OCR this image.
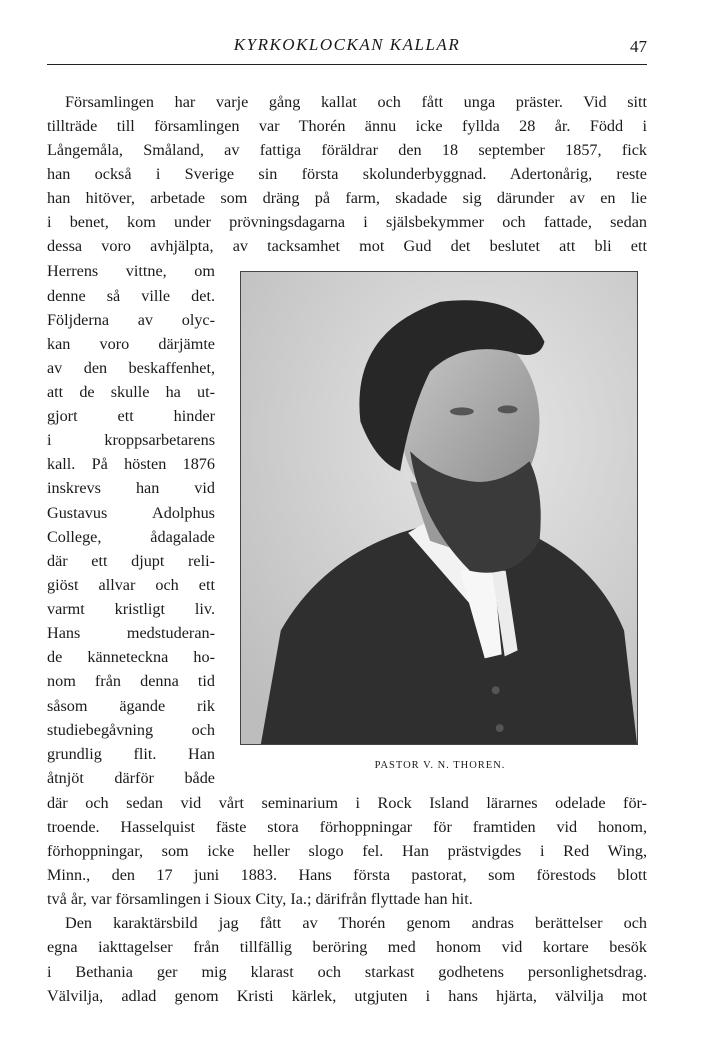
KYRKOKLOCKAN KALLAR	47
Församlingen har varje gång kallat och fått unga präster. Vid sitt
tillträde till församlingen var Thorén ännu icke fyllda 28 år. Född i
Långemåla, Småland, av fattiga föräldrar den 18 september 1857, fick
han också i Sverige sin första skolunderbyggnad. Adertonårig, reste
han hitöver, arbetade som dräng på farm, skadade sig därunder av en lie
i benet, kom under prövningsdagarna i själsbekymmer och fattade, sedan
dessa voro avhjälpta, av tacksamhet mot Gud det beslutet att bli ett
Herrens vittne, om
denne så ville det.
Följderna av olyc-
kan voro därjämte
av den beskaffenhet,
att de skulle ha ut-
gjort ett hinder
i kroppsarbetarens
kall. På hösten 1876
inskrevs han vid
Gustavus Adolphus
College, ådagalade
där ett djupt reli-
giöst allvar och ett
varmt kristligt liv.
Hans medstuderan-
de känneteckna ho-
nom från denna tid
såsom ägande rik
studiebegåvning och
grundlig flit. Han
åtnjöt därför både
där och sedan vid vårt seminarium i Rock Island lärarnes odelade för-
troende. Hasselquist fäste stora förhoppningar för framtiden vid honom,
förhoppningar, som icke heller slogo fel. Han prästvigdes i Red Wing,
Minn., den 17 juni 1883. Hans första pastorat, som förestods blott
två år, var församlingen i Sioux City, Ia.; därifrån flyttade han hit.
Den karaktärsbild jag fått av Thorén genom andras berättelser och
egna iakttagelser från tillfällig beröring med honom vid kortare besök
i Bethania ger mig klarast och starkast godhetens personlighetsdrag.
Välvilja, adlad genom Kristi kärlek, utgjuten i hans hjärta, välvilja mot
PASTOR V. N. THOREN.
